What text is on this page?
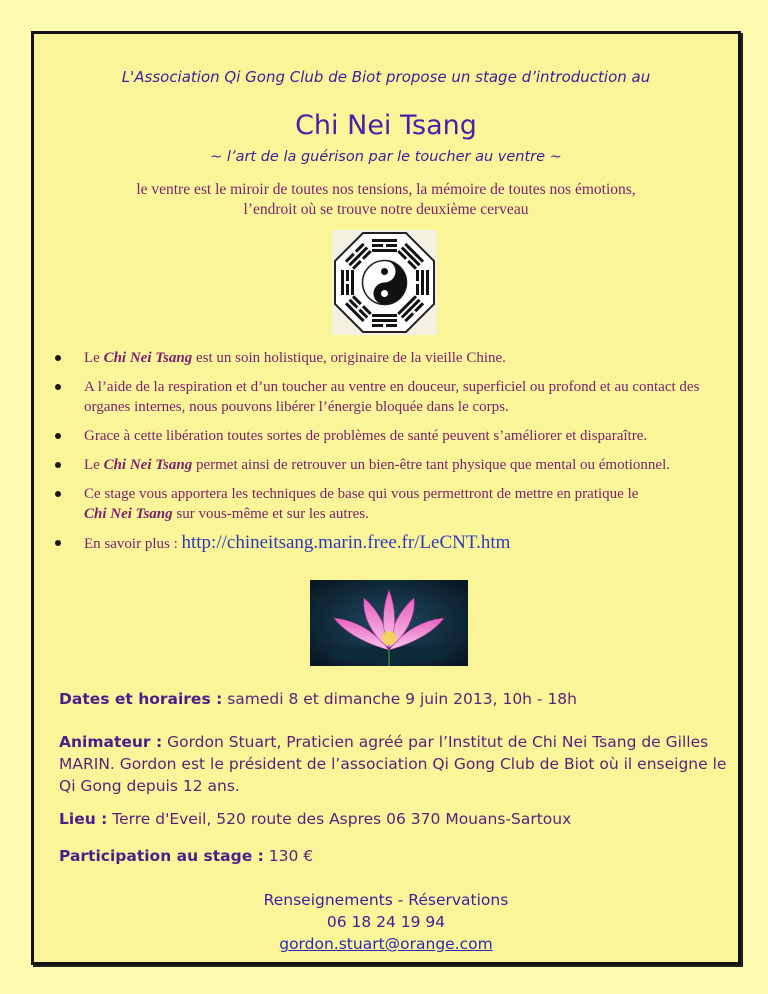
L'Association Qi Gong Club de Biot propose un stage d’introduction au
Chi Nei Tsang
~ l’art de la guérison par le toucher au ventre ~
le ventre est le miroir de toutes nos tensions, la mémoire de toutes nos émotions,
l’endroit où se trouve notre deuxième cerveau
Le Chi Nei Tsang est un soin holistique, originaire de la vieille Chine.
A l’aide de la respiration et d’un toucher au ventre en douceur, superficiel ou profond et au contact des organes internes, nous pouvons libérer l’énergie bloquée dans le corps.
Grace à cette libération toutes sortes de problèmes de santé peuvent s’améliorer et disparaître.
Le Chi Nei Tsang permet ainsi de retrouver un bien-être tant physique que mental ou émotionnel.
Ce stage vous apportera les techniques de base qui vous permettront de mettre en pratique le
Chi Nei Tsang sur vous-même et sur les autres.
En savoir plus : http://chineitsang.marin.free.fr/LeCNT.htm
Dates et horaires : samedi 8 et dimanche 9 juin 2013, 10h - 18h
Animateur : Gordon Stuart, Praticien agréé par l’Institut de Chi Nei Tsang de Gilles MARIN. Gordon est le président de l’association Qi Gong Club de Biot où il enseigne le Qi Gong depuis 12 ans.
Lieu : Terre d'Eveil, 520 route des Aspres 06 370 Mouans-Sartoux
Participation au stage : 130 €
Renseignements - Réservations
06 18 24 19 94
gordon.stuart@orange.com
